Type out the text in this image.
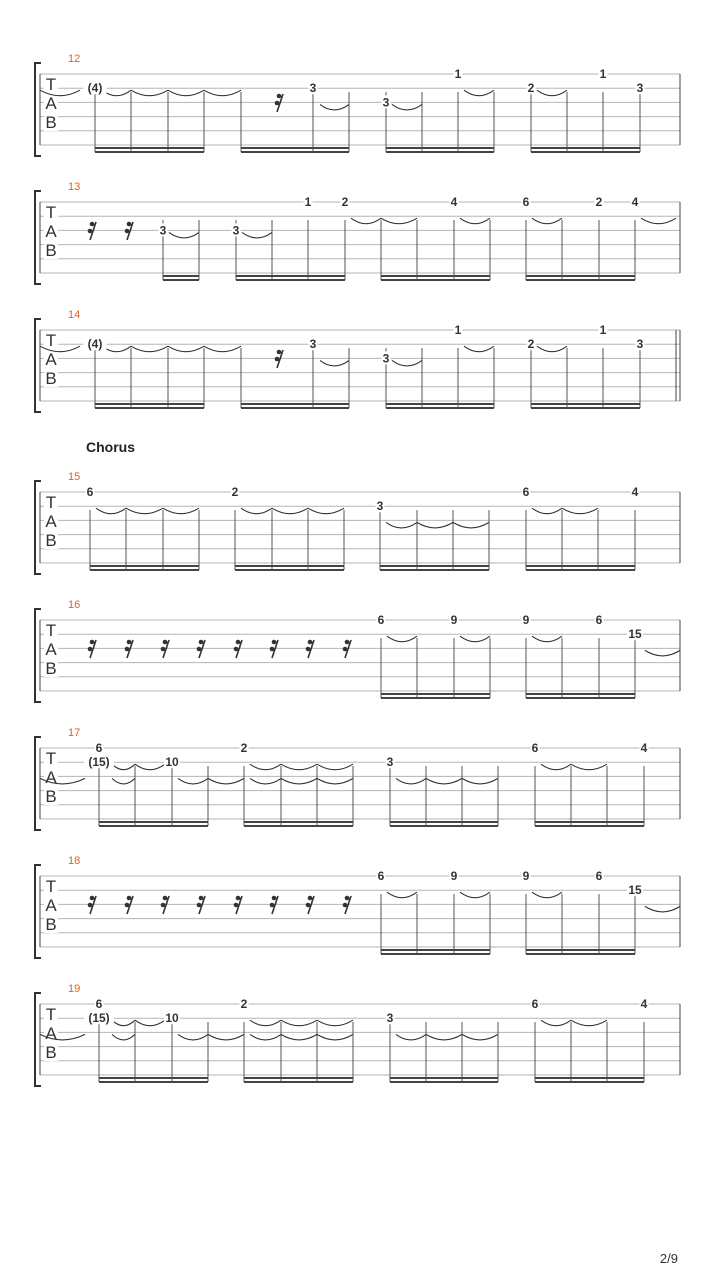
12
T
A
B
(4)	3
3
1
2
1
3
13
T
A
B
3	3
1	2	4	6	2 4
14
T
A
B
(4)	3
3
1
2
1
3
Chorus
15
T
A
B
6	2
3
6	4
16
T
A
B
6	9	9	6
15
17
T
A
B
6
(15)	10
2
3
6	4
18
T
A
B
6	9	9	6
15
19
T
A
B
6
(15)	10
2
3
6	4
2/9
